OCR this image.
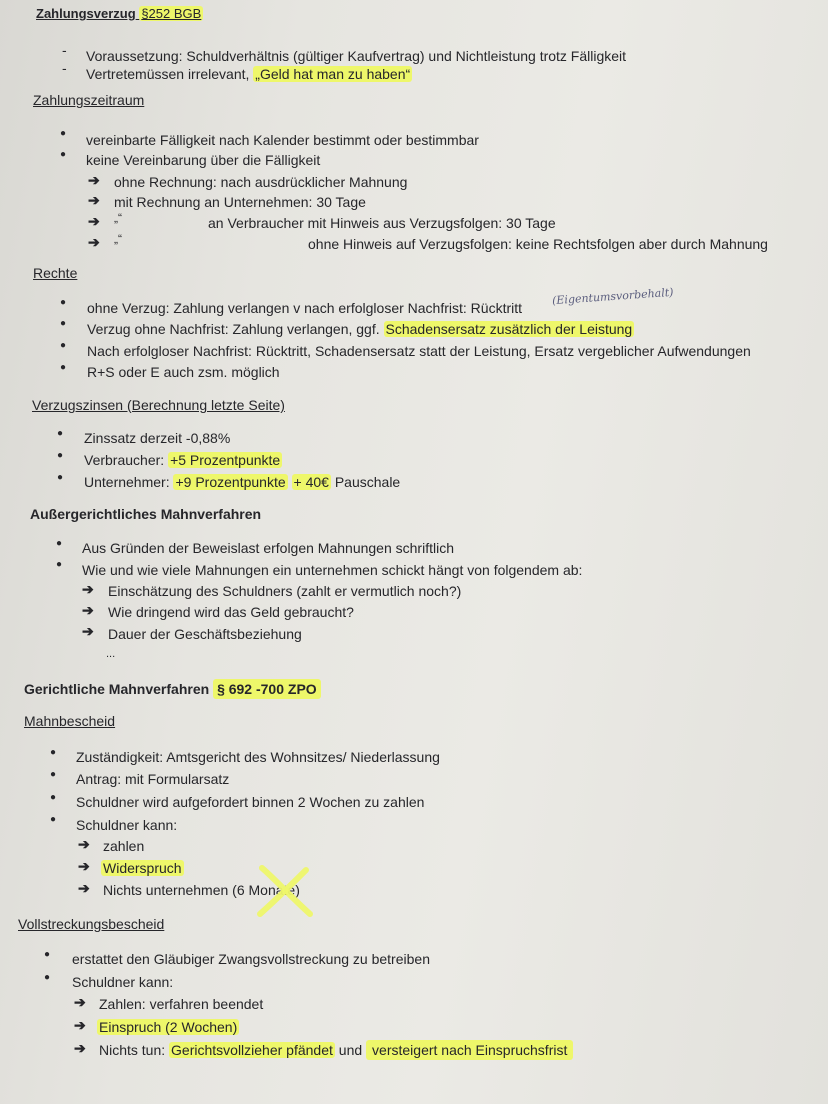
Zahlungsverzug §252 BGB
- Voraussetzung: Schuldverhältnis (gültiger Kaufvertrag) und Nichtleistung trotz Fälligkeit
- Vertretemüssen irrelevant, „Geld hat man zu haben“
Zahlungszeitraum
● vereinbarte Fälligkeit nach Kalender bestimmt oder bestimmbar
● keine Vereinbarung über die Fälligkeit
➔ ohne Rechnung: nach ausdrücklicher Mahnung
➔ mit Rechnung an Unternehmen: 30 Tage
➔ „“	an Verbraucher mit Hinweis aus Verzugsfolgen: 30 Tage
➔ „“	ohne Hinweis auf Verzugsfolgen: keine Rechtsfolgen aber durch Mahnung
Rechte
● ohne Verzug: Zahlung verlangen v nach erfolgloser Nachfrist: Rücktritt
(Eigentumsvorbehalt)
● Verzug ohne Nachfrist: Zahlung verlangen, ggf. Schadensersatz zusätzlich der Leistung
● Nach erfolgloser Nachfrist: Rücktritt, Schadensersatz statt der Leistung, Ersatz vergeblicher Aufwendungen
● R+S oder E auch zsm. möglich
Verzugszinsen (Berechnung letzte Seite)
● Zinssatz derzeit -0,88%
● Verbraucher: +5 Prozentpunkte
● Unternehmer: +9 Prozentpunkte + 40€ Pauschale
Außergerichtliches Mahnverfahren
● Aus Gründen der Beweislast erfolgen Mahnungen schriftlich
● Wie und wie viele Mahnungen ein unternehmen schickt hängt von folgendem ab:
➔ Einschätzung des Schuldners (zahlt er vermutlich noch?)
➔ Wie dringend wird das Geld gebraucht?
➔ Dauer der Geschäftsbeziehung
...
Gerichtliche Mahnverfahren § 692 -700 ZPO
Mahnbescheid
● Zuständigkeit: Amtsgericht des Wohnsitzes/ Niederlassung
● Antrag: mit Formularsatz
● Schuldner wird aufgefordert binnen 2 Wochen zu zahlen
● Schuldner kann:
➔ zahlen
➔ Widerspruch
➔ Nichts unternehmen (6 Monate)
Vollstreckungsbescheid
● erstattet den Gläubiger Zwangsvollstreckung zu betreiben
● Schuldner kann:
➔ Zahlen: verfahren beendet
➔ Einspruch (2 Wochen)
➔ Nichts tun: Gerichtsvollzieher pfändet und versteigert nach Einspruchsfrist
